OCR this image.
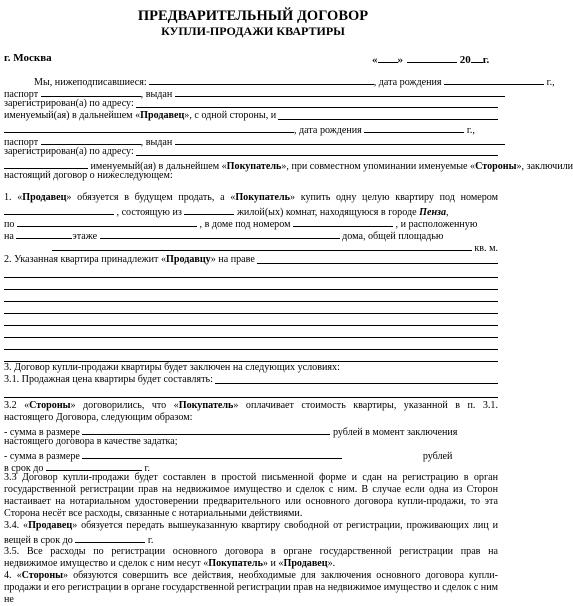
ПРЕДВАРИТЕЛЬНЫЙ ДОГОВОР
КУПЛИ-ПРОДАЖИ КВАРТИРЫ
г. Москва	« »	20 г.
Мы, нижеподписавшиеся:	, дата рождения	г.,
паспорт	, выдан
зарегистрирован(а) по адресу:
именуемый(ая) в дальнейшем «Продавец», с одной стороны, и
, дата рождения	г.,
паспорт	, выдан
зарегистрирован(а) по адресу:
именуемый(ая) в дальнейшем «Покупатель», при совместном упоминании именуемые «Стороны», заключили
настоящий договор о нижеследующем:
1. «Продавец» обязуется в будущем продать, а «Покупатель» купить одну целую квартиру под номером
, состоящую из	жилой(ых) комнат, находящуюся в городе Пенза,
по	, в доме под номером	, и расположенную
на	этаже	дома, общей площадью
кв. м.
2. Указанная квартира принадлежит «Продавцу» на праве
3. Договор купли-продажи квартиры будет заключен на следующих условиях:
3.1. Продажная цена квартиры будет составлять:
3.2 «Стороны» договорились, что «Покупатель» оплачивает стоимость квартиры, указанной в п. 3.1.
настоящего Договора, следующим образом:
- сумма в размере	рублей в момент заключения
настоящего договора в качестве задатка;
- сумма в размере	рублей
в срок до	г.
3.3 Договор купли-продажи будет составлен в простой письменной форме и сдан на регистрацию в орган
государственной регистрации прав на недвижимое имущество и сделок с ним. В случае если одна из Сторон
настаивает на нотариальном удостоверении предварительного или основного договора купли-продажи, то эта
Сторона несёт все расходы, связанные с нотариальными действиями.
3.4. «Продавец» обязуется передать вышеуказанную квартиру свободной от регистрации, проживающих лиц и
вещей в срок до	г.
3.5. Все расходы по регистрации основного договора в органе государственной регистрации прав на
недвижимое имущество и сделок с ним несут «Покупатель» и «Продавец».
4. «Стороны» обязуются совершить все действия, необходимые для заключения основного договора купли-
продажи и его регистрации в органе государственной регистрации прав на недвижимое имущество и сделок с ним
не
